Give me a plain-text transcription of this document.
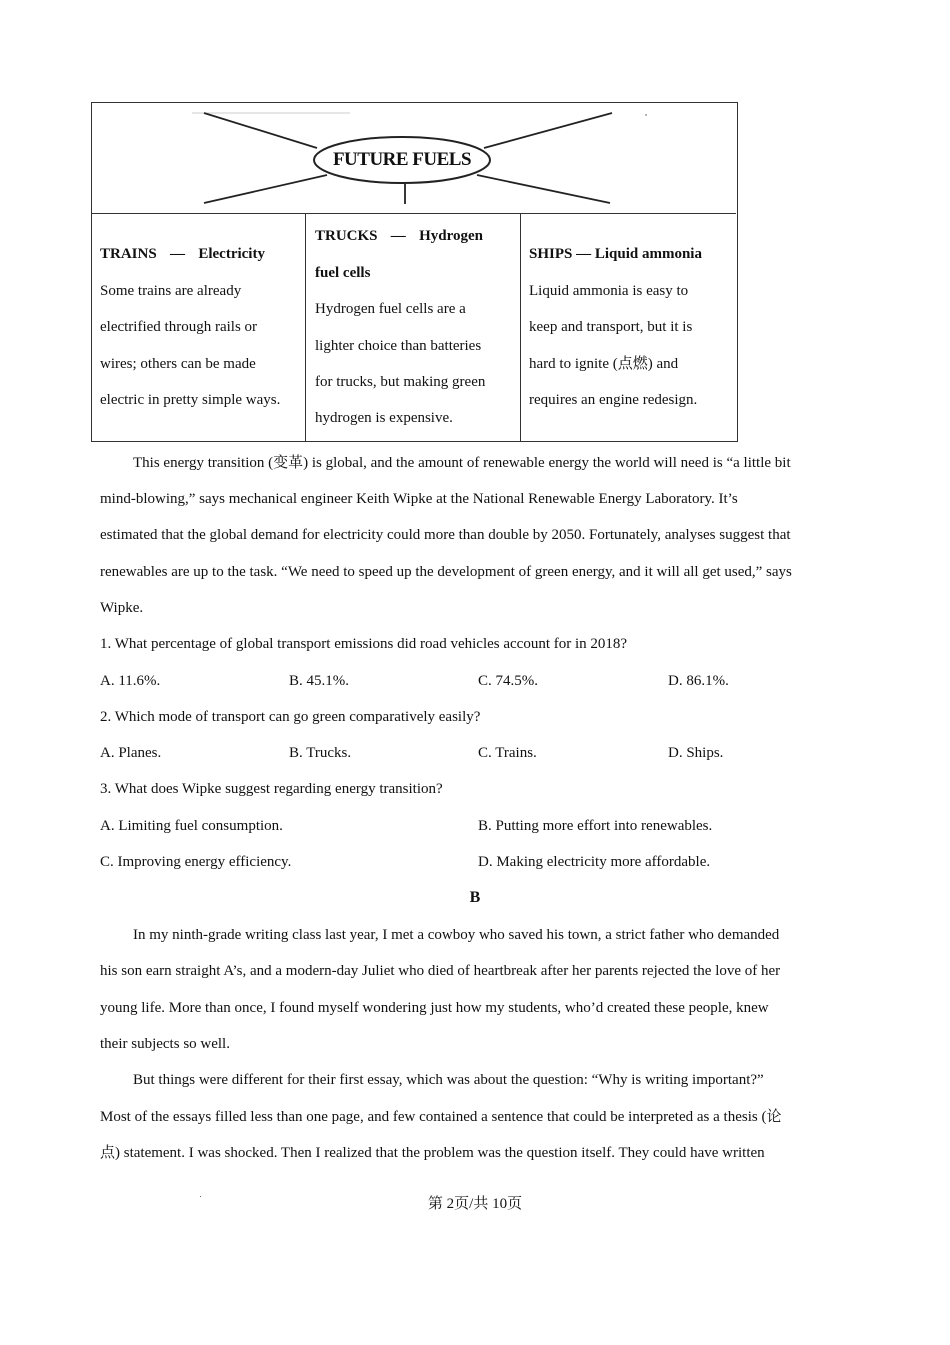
FUTURE FUELS
TRAINS — Electricity
Some trains are already
electrified through rails or
wires; others can be made
electric in pretty simple ways.
TRUCKS — Hydrogen
fuel cells
Hydrogen fuel cells are a
lighter choice than batteries
for trucks, but making green
hydrogen is expensive.
SHIPS — Liquid ammonia
Liquid ammonia is easy to
keep and transport, but it is
hard to ignite (点燃) and
requires an engine redesign.
This energy transition (变革) is global, and the amount of renewable energy the world will need is “a little bit
mind-blowing,” says mechanical engineer Keith Wipke at the National Renewable Energy Laboratory. It’s
estimated that the global demand for electricity could more than double by 2050. Fortunately, analyses suggest that
renewables are up to the task. “We need to speed up the development of green energy, and it will all get used,” says
Wipke.
1. What percentage of global transport emissions did road vehicles account for in 2018?
A. 11.6%.	B. 45.1%.	C. 74.5%.	D. 86.1%.
2. Which mode of transport can go green comparatively easily?
A. Planes.	B. Trucks.	C. Trains.	D. Ships.
3. What does Wipke suggest regarding energy transition?
A. Limiting fuel consumption.	B. Putting more effort into renewables.
C. Improving energy efficiency.	D. Making electricity more affordable.
B
In my ninth-grade writing class last year, I met a cowboy who saved his town, a strict father who demanded
his son earn straight A’s, and a modern-day Juliet who died of heartbreak after her parents rejected the love of her
young life. More than once, I found myself wondering just how my students, who’d created these people, knew
their subjects so well.
But things were different for their first essay, which was about the question: “Why is writing important?”
Most of the essays filled less than one page, and few contained a sentence that could be interpreted as a thesis (论
点) statement. I was shocked. Then I realized that the problem was the question itself. They could have written
第 2页/共 10页
